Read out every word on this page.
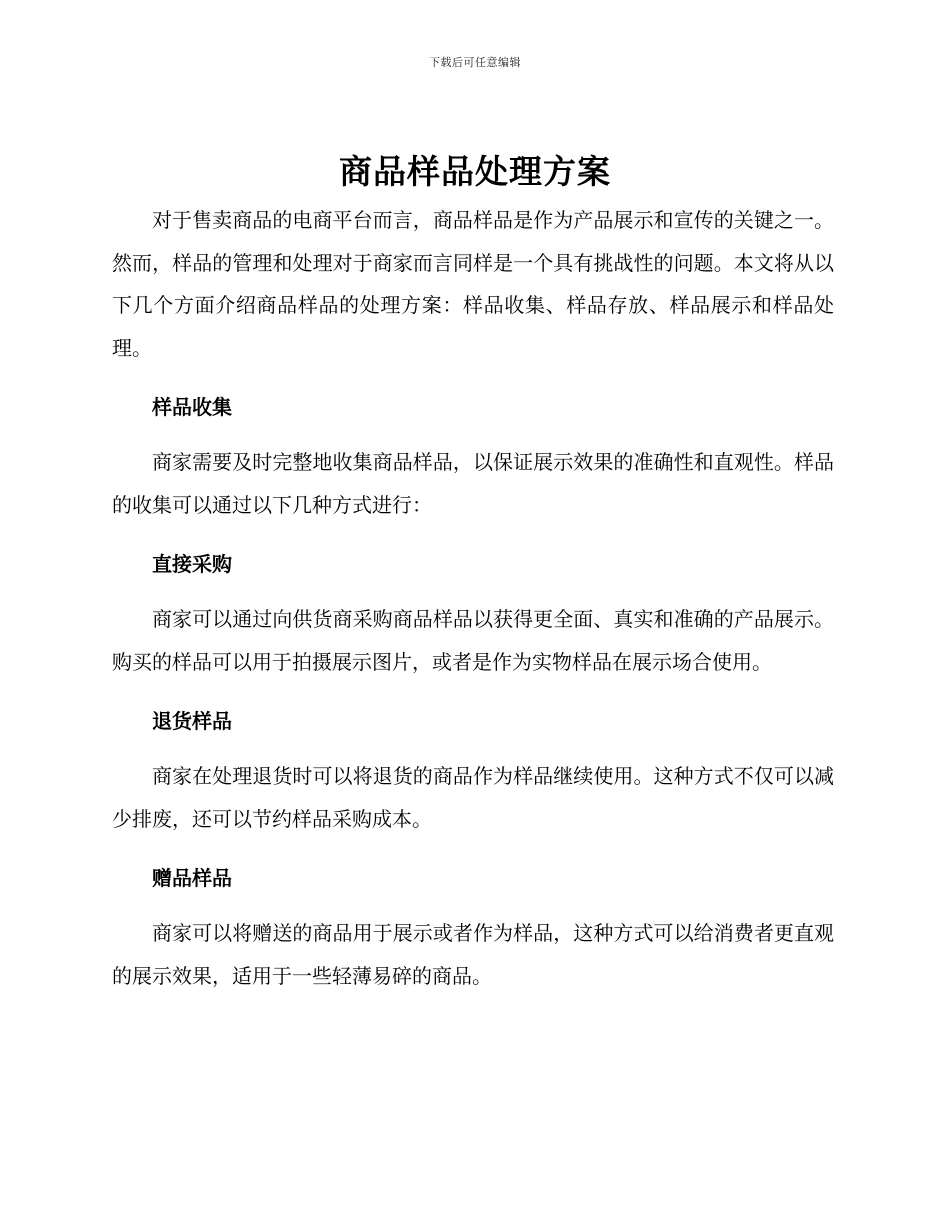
下载后可任意编辑
商品样品处理方案

对于售卖商品的电商平台而言，商品样品是作为产品展示和宣传的关键之一。然而，样品的管理和处理对于商家而言同样是一个具有挑战性的问题。本文将从以下几个方面介绍商品样品的处理方案：样品收集、样品存放、样品展示和样品处理。

样品收集

商家需要及时完整地收集商品样品，以保证展示效果的准确性和直观性。样品的收集可以通过以下几种方式进行：

直接采购

商家可以通过向供货商采购商品样品以获得更全面、真实和准确的产品展示。购买的样品可以用于拍摄展示图片，或者是作为实物样品在展示场合使用。

退货样品

商家在处理退货时可以将退货的商品作为样品继续使用。这种方式不仅可以减少排废，还可以节约样品采购成本。

赠品样品

商家可以将赠送的商品用于展示或者作为样品，这种方式可以给消费者更直观的展示效果，适用于一些轻薄易碎的商品。
